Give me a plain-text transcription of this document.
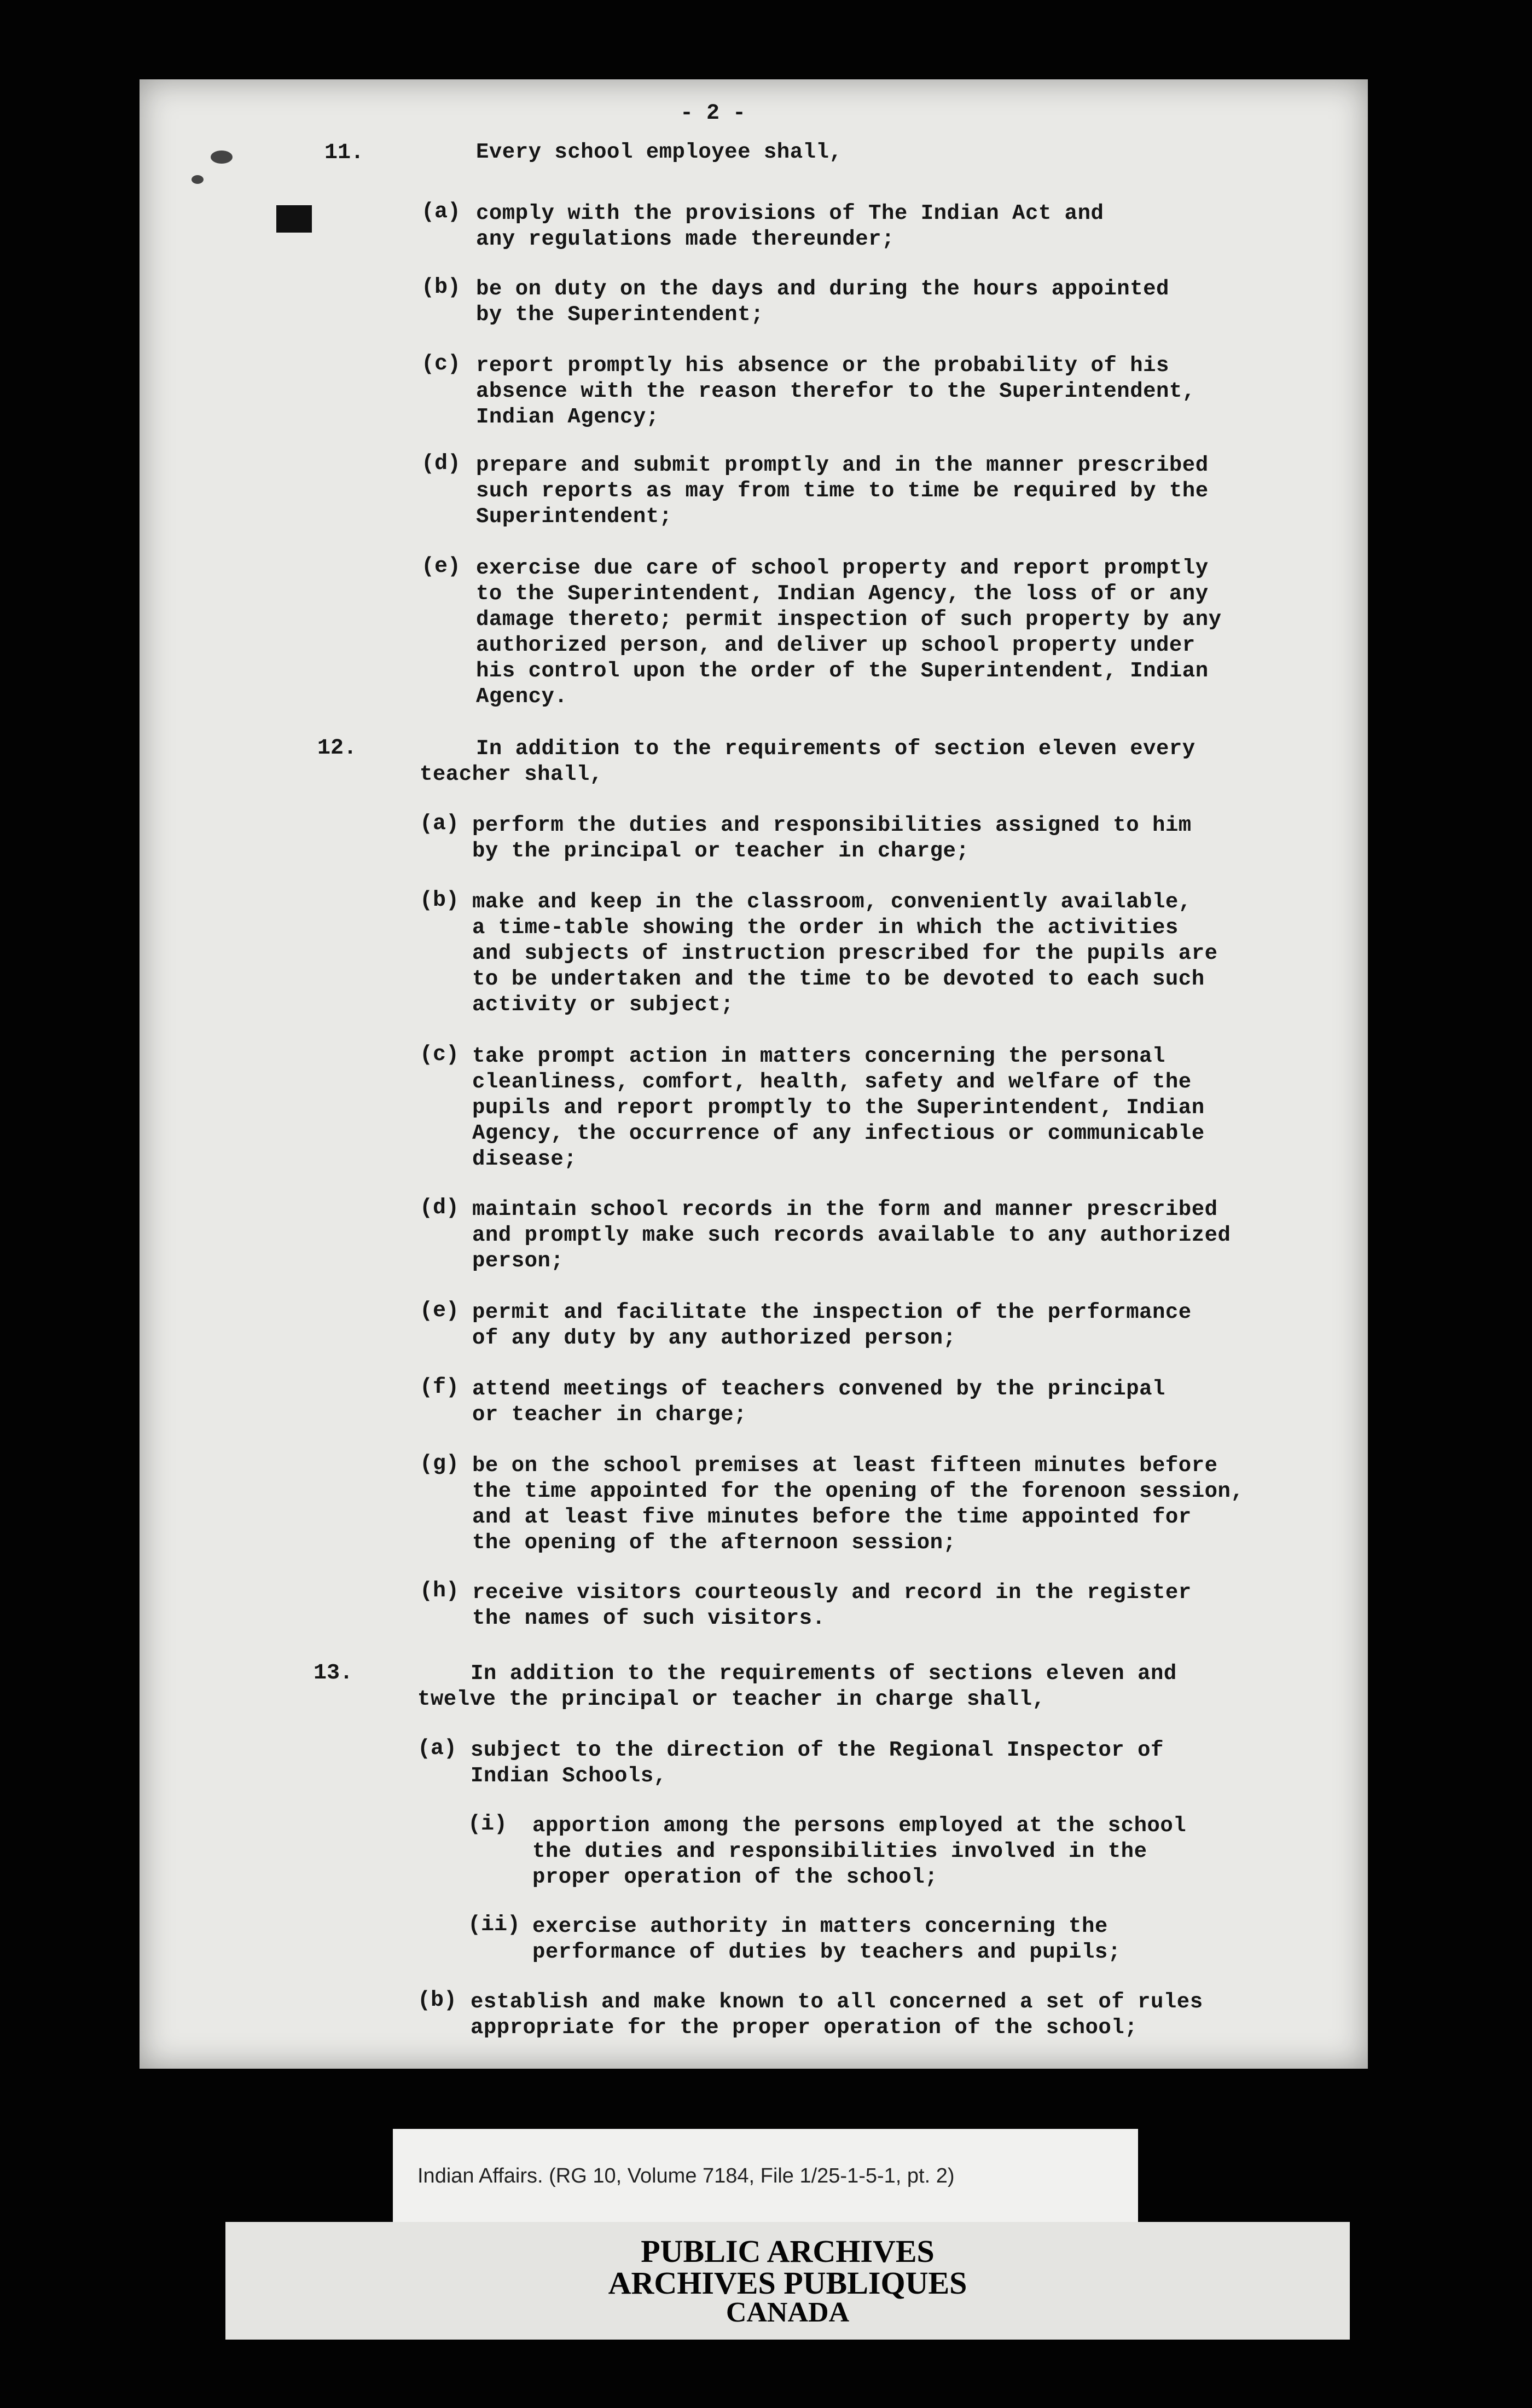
- 2 -
11.	Every school employee shall,
(a) comply with the provisions of The Indian Act and
any regulations made thereunder;
(b) be on duty on the days and during the hours appointed
by the Superintendent;
(c) report promptly his absence or the probability of his
absence with the reason therefor to the Superintendent,
Indian Agency;
(d) prepare and submit promptly and in the manner prescribed
such reports as may from time to time be required by the
Superintendent;
(e) exercise due care of school property and report promptly
to the Superintendent, Indian Agency, the loss of or any
damage thereto; permit inspection of such property by any
authorized person, and deliver up school property under
his control upon the order of the Superintendent, Indian
Agency.
12.	In addition to the requirements of section eleven every
teacher shall,
(a) perform the duties and responsibilities assigned to him
by the principal or teacher in charge;
(b) make and keep in the classroom, conveniently available,
a time-table showing the order in which the activities
and subjects of instruction prescribed for the pupils are
to be undertaken and the time to be devoted to each such
activity or subject;
(c) take prompt action in matters concerning the personal
cleanliness, comfort, health, safety and welfare of the
pupils and report promptly to the Superintendent, Indian
Agency, the occurrence of any infectious or communicable
disease;
(d) maintain school records in the form and manner prescribed
and promptly make such records available to any authorized
person;
(e) permit and facilitate the inspection of the performance
of any duty by any authorized person;
(f) attend meetings of teachers convened by the principal
or teacher in charge;
(g) be on the school premises at least fifteen minutes before
the time appointed for the opening of the forenoon session,
and at least five minutes before the time appointed for
the opening of the afternoon session;
(h) receive visitors courteously and record in the register
the names of such visitors.
13.	In addition to the requirements of sections eleven and
twelve the principal or teacher in charge shall,
(a) subject to the direction of the Regional Inspector of
Indian Schools,
(i) apportion among the persons employed at the school
the duties and responsibilities involved in the
proper operation of the school;
(ii) exercise authority in matters concerning the
performance of duties by teachers and pupils;
(b) establish and make known to all concerned a set of rules
appropriate for the proper operation of the school;
Indian Affairs. (RG 10, Volume 7184, File 1/25-1-5-1, pt. 2)
PUBLIC ARCHIVES
ARCHIVES PUBLIQUES
CANADA
